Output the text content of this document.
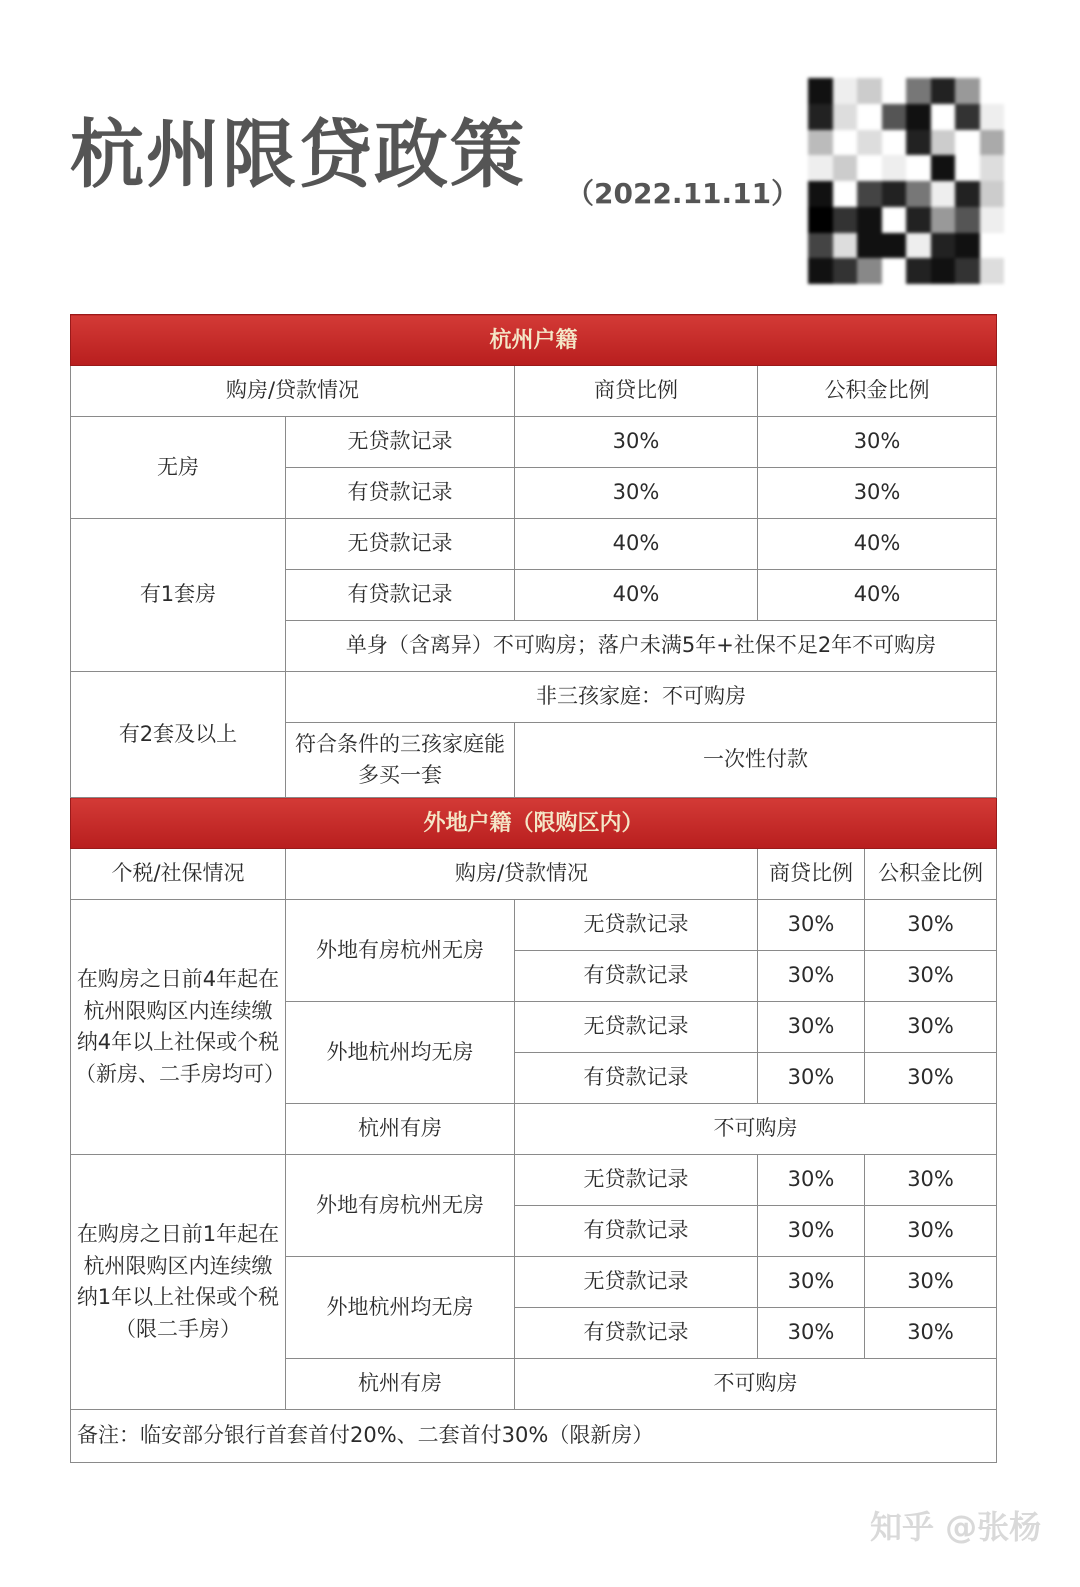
杭州限贷政策 （2022.11.11）
杭州户籍				
购房/贷款情况		商贷比例	公积金比例	
无房	无贷款记录	30%	30%	
	有贷款记录	30%	30%	
有1套房	无贷款记录	40%	40%	
	有贷款记录	40%	40%	
	单身（含离异）不可购房；落户未满5年+社保不足2年不可购房			
有2套及以上	非三孩家庭：不可购房			
	符合条件的三孩家庭能多买一套	一次性付款		
外地户籍（限购区内）				
个税/社保情况	购房/贷款情况		商贷比例	公积金比例
在购房之日前4年起在杭州限购区内连续缴纳4年以上社保或个税（新房、二手房均可）	外地有房杭州无房	无贷款记录	30%	30%
		有贷款记录	30%	30%
	外地杭州均无房	无贷款记录	30%	30%
		有贷款记录	30%	30%
	杭州有房	不可购房		
在购房之日前1年起在杭州限购区内连续缴纳1年以上社保或个税（限二手房）	外地有房杭州无房	无贷款记录	30%	30%
		有贷款记录	30%	30%
	外地杭州均无房	无贷款记录	30%	30%
		有贷款记录	30%	30%
	杭州有房	不可购房		
备注：临安部分银行首套首付20%、二套首付30%（限新房）				
知乎 @张杨
